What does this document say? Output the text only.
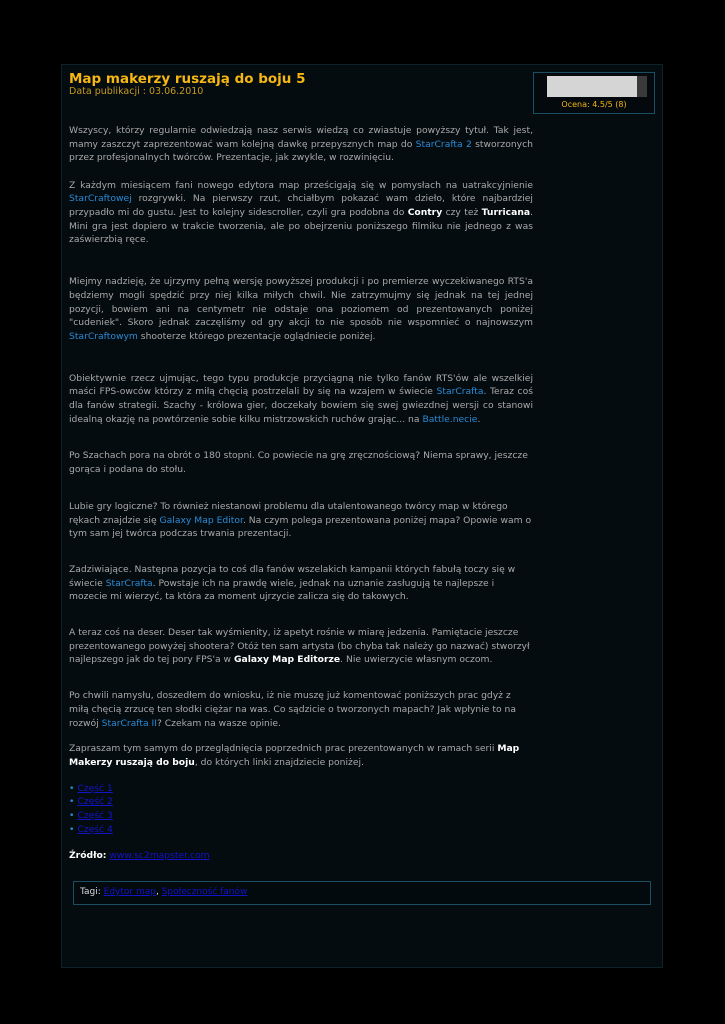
Map makerzy ruszają do boju 5
Data publikacji : 03.06.2010
Ocena: 4.5/5 (8)

Wszyscy, którzy regularnie odwiedzają nasz serwis wiedzą co zwiastuje powyższy tytuł. Tak jest, mamy zaszczyt zaprezentować wam kolejną dawkę przepysznych map do StarCrafta 2 stworzonych przez profesjonalnych twórców. Prezentacje, jak zwykle, w rozwinięciu.

Z każdym miesiącem fani nowego edytora map prześcigają się w pomysłach na uatrakcyjnienie StarCraftowej rozgrywki. Na pierwszy rzut, chciałbym pokazać wam dzieło, które najbardziej przypadło mi do gustu. Jest to kolejny sidescroller, czyli gra podobna do Contry czy też Turricana. Mini gra jest dopiero w trakcie tworzenia, ale po obejrzeniu poniższego filmiku nie jednego z was zaświerzbią ręce.

Miejmy nadzieję, że ujrzymy pełną wersję powyższej produkcji i po premierze wyczekiwanego RTS'a będziemy mogli spędzić przy niej kilka miłych chwil. Nie zatrzymujmy się jednak na tej jednej pozycji, bowiem ani na centymetr nie odstaje ona poziomem od prezentowanych poniżej "cudeniek". Skoro jednak zaczęliśmy od gry akcji to nie sposób nie wspomnieć o najnowszym StarCraftowym shooterze którego prezentacje oglądniecie poniżej.

Obiektywnie rzecz ujmując, tego typu produkcje przyciągną nie tylko fanów RTS'ów ale wszelkiej maści FPS-owców którzy z miłą chęcią postrzelali by się na wzajem w świecie StarCrafta. Teraz coś dla fanów strategii. Szachy - królowa gier, doczekały bowiem się swej gwiezdnej wersji co stanowi idealną okazję na powtórzenie sobie kilku mistrzowskich ruchów grając... na Battle.necie.

Po Szachach pora na obrót o 180 stopni. Co powiecie na grę zręcznościową? Niema sprawy, jeszcze gorąca i podana do stołu.

Lubie gry logiczne? To również niestanowi problemu dla utalentowanego twórcy map w którego rękach znajdzie się Galaxy Map Editor. Na czym polega prezentowana poniżej mapa? Opowie wam o tym sam jej twórca podczas trwania prezentacji.

Zadziwiające. Następna pozycja to coś dla fanów wszelakich kampanii których fabułą toczy się w świecie StarCrafta. Powstaje ich na prawdę wiele, jednak na uznanie zasługują te najlepsze i mozecie mi wierzyć, ta która za moment ujrzycie zalicza się do takowych.

A teraz coś na deser. Deser tak wyśmienity, iż apetyt rośnie w miarę jedzenia. Pamiętacie jeszcze prezentowanego powyżej shootera? Otóż ten sam artysta (bo chyba tak należy go nazwać) stworzył najlepszego jak do tej pory FPS'a w Galaxy Map Editorze. Nie uwierzycie własnym oczom.

Po chwili namysłu, doszedłem do wniosku, iż nie muszę już komentować poniższych prac gdyż z miłą chęcią zrzucę ten słodki ciężar na was. Co sądzicie o tworzonych mapach? Jak wpłynie to na rozwój StarCrafta II? Czekam na wasze opinie.

Zapraszam tym samym do przeglądnięcia poprzednich prac prezentowanych w ramach serii Map Makerzy ruszają do boju, do których linki znajdziecie poniżej.

• Część 1
• Część 2
• Część 3
• Część 4

Źródło: www.sc2mapster.com

Tagi: Edytor map, Społeczność fanów
